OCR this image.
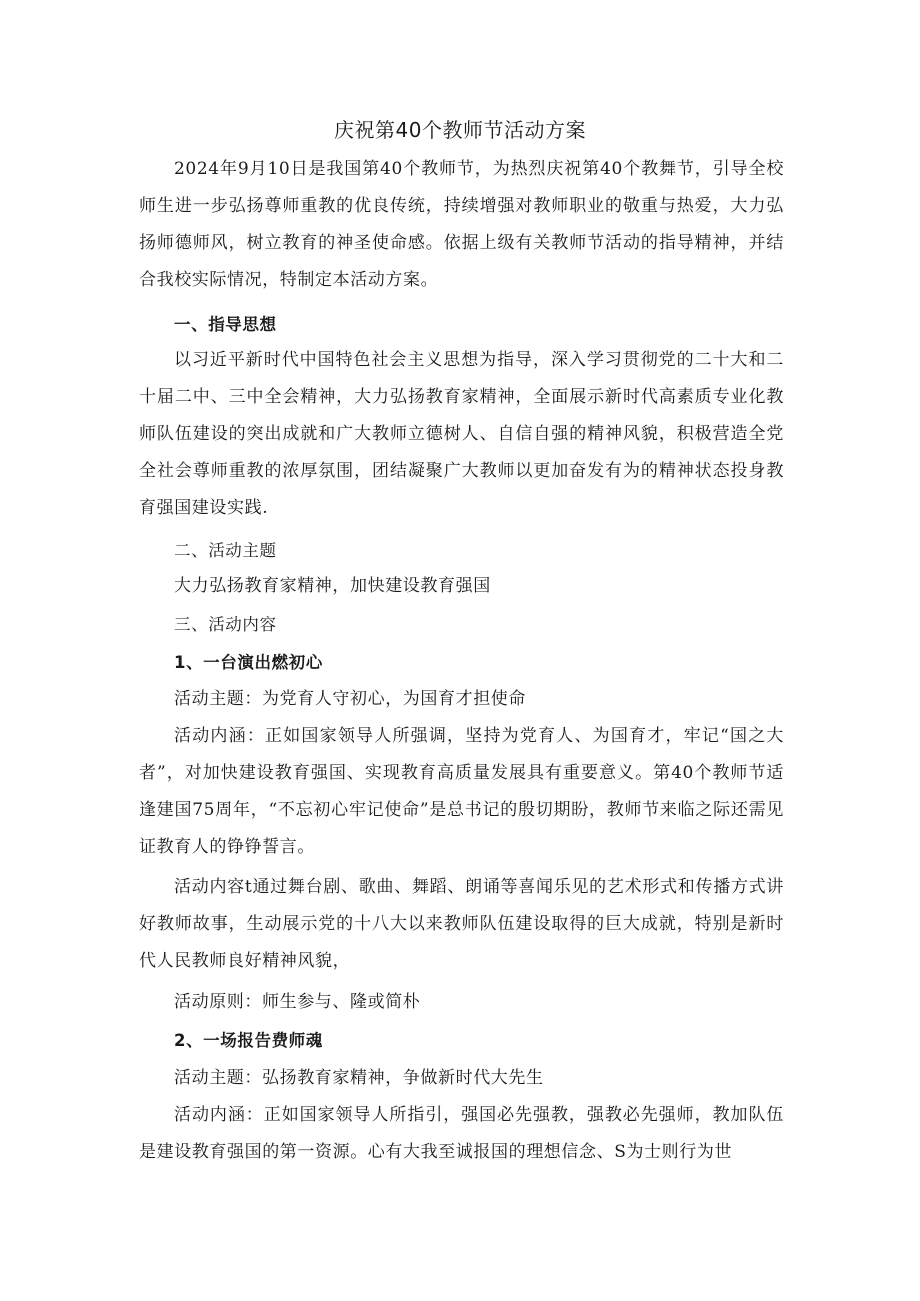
庆祝第40个教师节活动方案
2024年9月10日是我国第40个教师节，为热烈庆祝第40个教舞节，引导全校师生进一步弘扬尊师重教的优良传统，持续增强对教师职业的敬重与热爱，大力弘扬师德师风，树立教育的神圣使命感。依据上级有关教师节活动的指导精神，并结合我校实际情况，特制定本活动方案。
一、指导思想
以习近平新时代中国特色社会主义思想为指导，深入学习贯彻党的二十大和二十届二中、三中全会精神，大力弘扬教育家精神，全面展示新时代高素质专业化教师队伍建设的突出成就和广大教师立德树人、自信自强的精神风貌，积极营造全党全社会尊师重教的浓厚氛围，团结凝聚广大教师以更加奋发有为的精神状态投身教育强国建设实践.
二、活动主题
大力弘扬教育家精神，加快建设教育强国
三、活动内容
1、一台演出燃初心
活动主题：为党育人守初心，为国育才担使命
活动内涵：正如国家领导人所强调，坚持为党育人、为国育才，牢记“国之大者”，对加快建设教育强国、实现教育高质量发展具有重要意义。第40个教师节适逢建国75周年，“不忘初心牢记使命”是总书记的殷切期盼，教师节来临之际还需见证教育人的铮铮誓言。
活动内容t通过舞台剧、歌曲、舞蹈、朗诵等喜闻乐见的艺术形式和传播方式讲好教师故事，生动展示党的十八大以来教师队伍建设取得的巨大成就，特别是新时代人民教师良好精神风貌，
活动原则：师生参与、隆或简朴
2、一场报告费师魂
活动主题：弘扬教育家精神，争做新时代大先生
活动内涵：正如国家领导人所指引，强国必先强教，强教必先强师，教加队伍是建设教育强国的第一资源。心有大我至诚报国的理想信念、S为士则行为世
